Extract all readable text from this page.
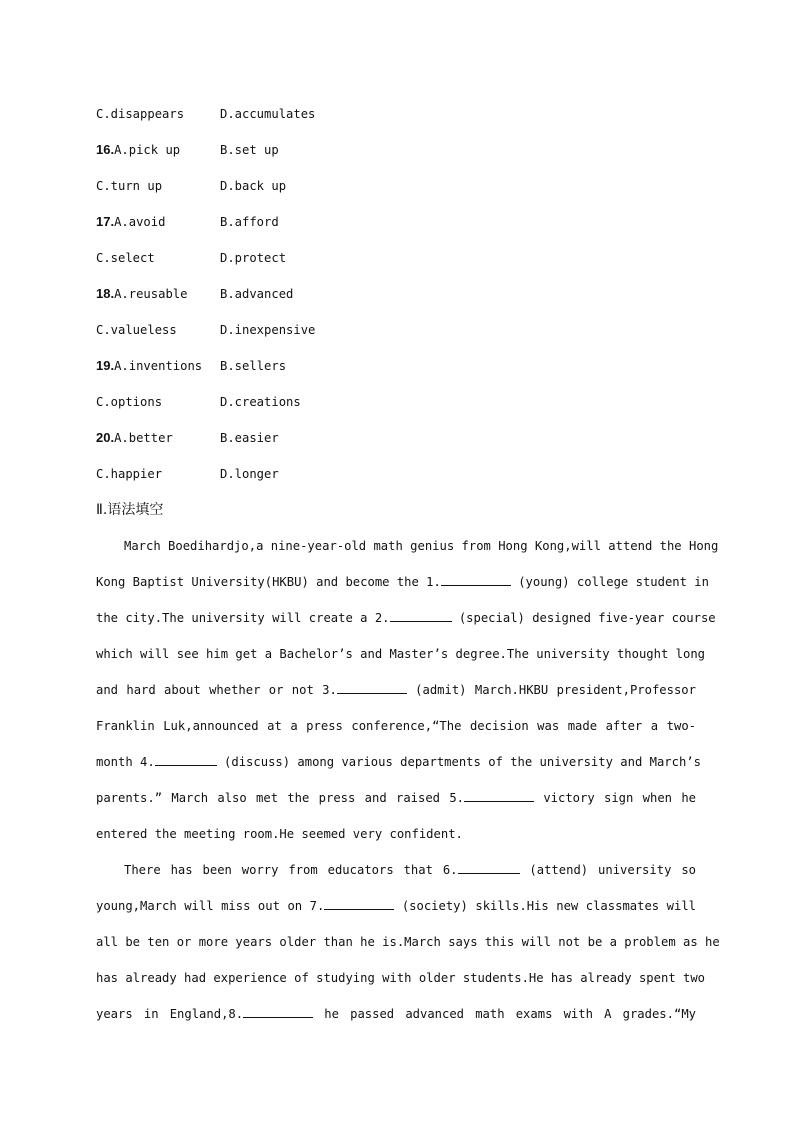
C.disappears	D.accumulates
16.A.pick up	B.set up
C.turn up	D.back up
17.A.avoid	B.afford
C.select	D.protect
18.A.reusable	B.advanced
C.valueless	D.inexpensive
19.A.inventions B.sellers
C.options	D.creations
20.A.better	B.easier
C.happier	D.longer
Ⅱ.语法填空
March Boedihardjo,a nine-year-old math genius from Hong Kong,will attend the Hong
Kong Baptist University(HKBU) and become the 1.	(young) college student in
the city.The university will create a 2.	(special) designed five-year course
which will see him get a Bachelor’s and Master’s degree.The university thought long
and hard about whether or not 3.	(admit) March.HKBU president,Professor
Franklin Luk,announced at a press conference,“The decision was made after a two-
month 4.	(discuss) among various departments of the university and March’s
parents.” March also met the press and raised 5.	victory sign when he
entered the meeting room.He seemed very confident.
There has been worry from educators that 6.	(attend) university so
young,March will miss out on 7.	(society) skills.His new classmates will
all be ten or more years older than he is.March says this will not be a problem as he
has already had experience of studying with older students.He has already spent two
years in England,8.	he passed advanced math exams with A grades.“My
